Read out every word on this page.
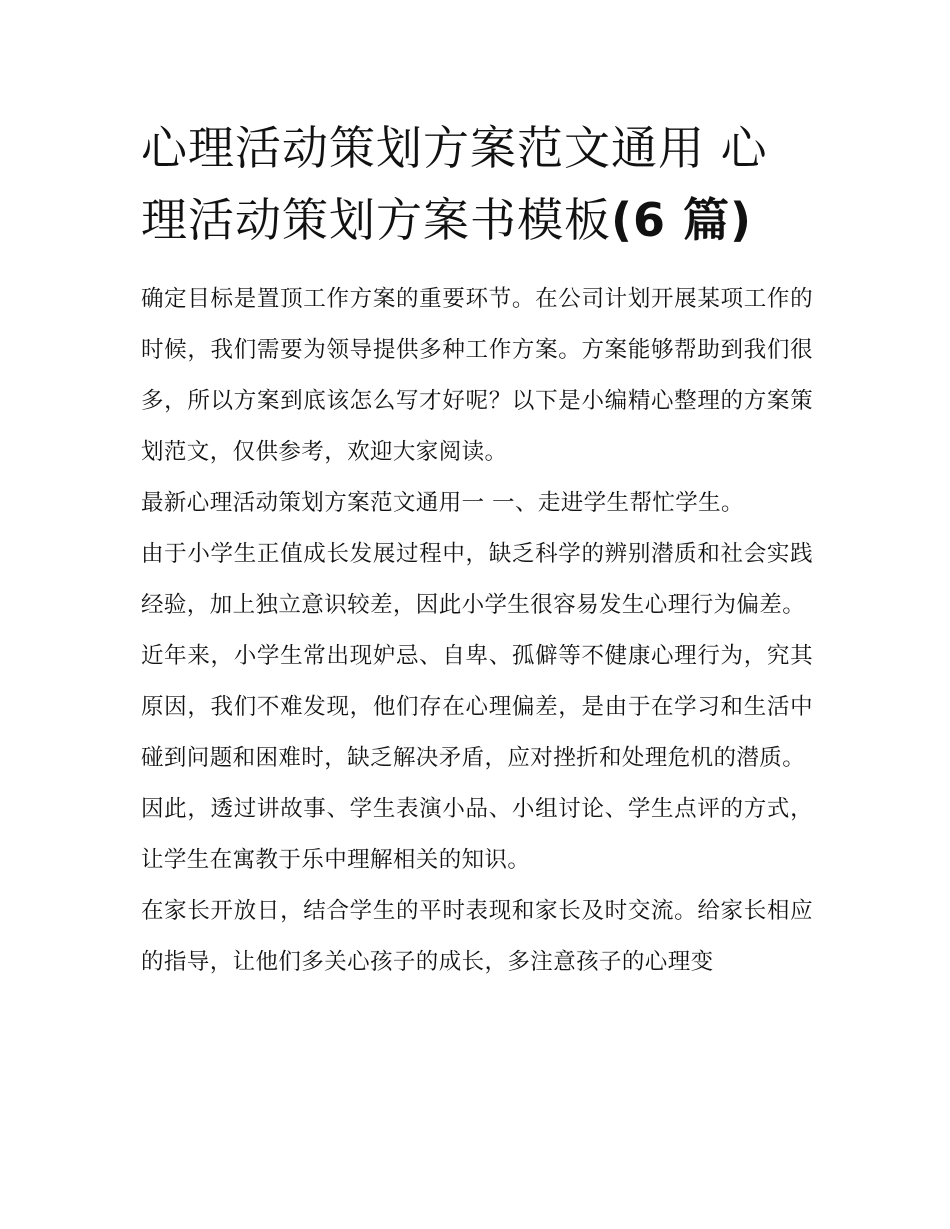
心理活动策划方案范文通用 心理活动策划方案书模板(6 篇)

确定目标是置顶工作方案的重要环节。在公司计划开展某项工作的时候，我们需要为领导提供多种工作方案。方案能够帮助到我们很多，所以方案到底该怎么写才好呢？以下是小编精心整理的方案策划范文，仅供参考，欢迎大家阅读。

最新心理活动策划方案范文通用一 一、走进学生帮忙学生。

由于小学生正值成长发展过程中，缺乏科学的辨别潜质和社会实践经验，加上独立意识较差，因此小学生很容易发生心理行为偏差。

近年来，小学生常出现妒忌、自卑、孤僻等不健康心理行为，究其原因，我们不难发现，他们存在心理偏差，是由于在学习和生活中碰到问题和困难时，缺乏解决矛盾，应对挫折和处理危机的潜质。

因此，透过讲故事、学生表演小品、小组讨论、学生点评的方式，让学生在寓教于乐中理解相关的知识。

在家长开放日，结合学生的平时表现和家长及时交流。给家长相应的指导，让他们多关心孩子的成长，多注意孩子的心理变
